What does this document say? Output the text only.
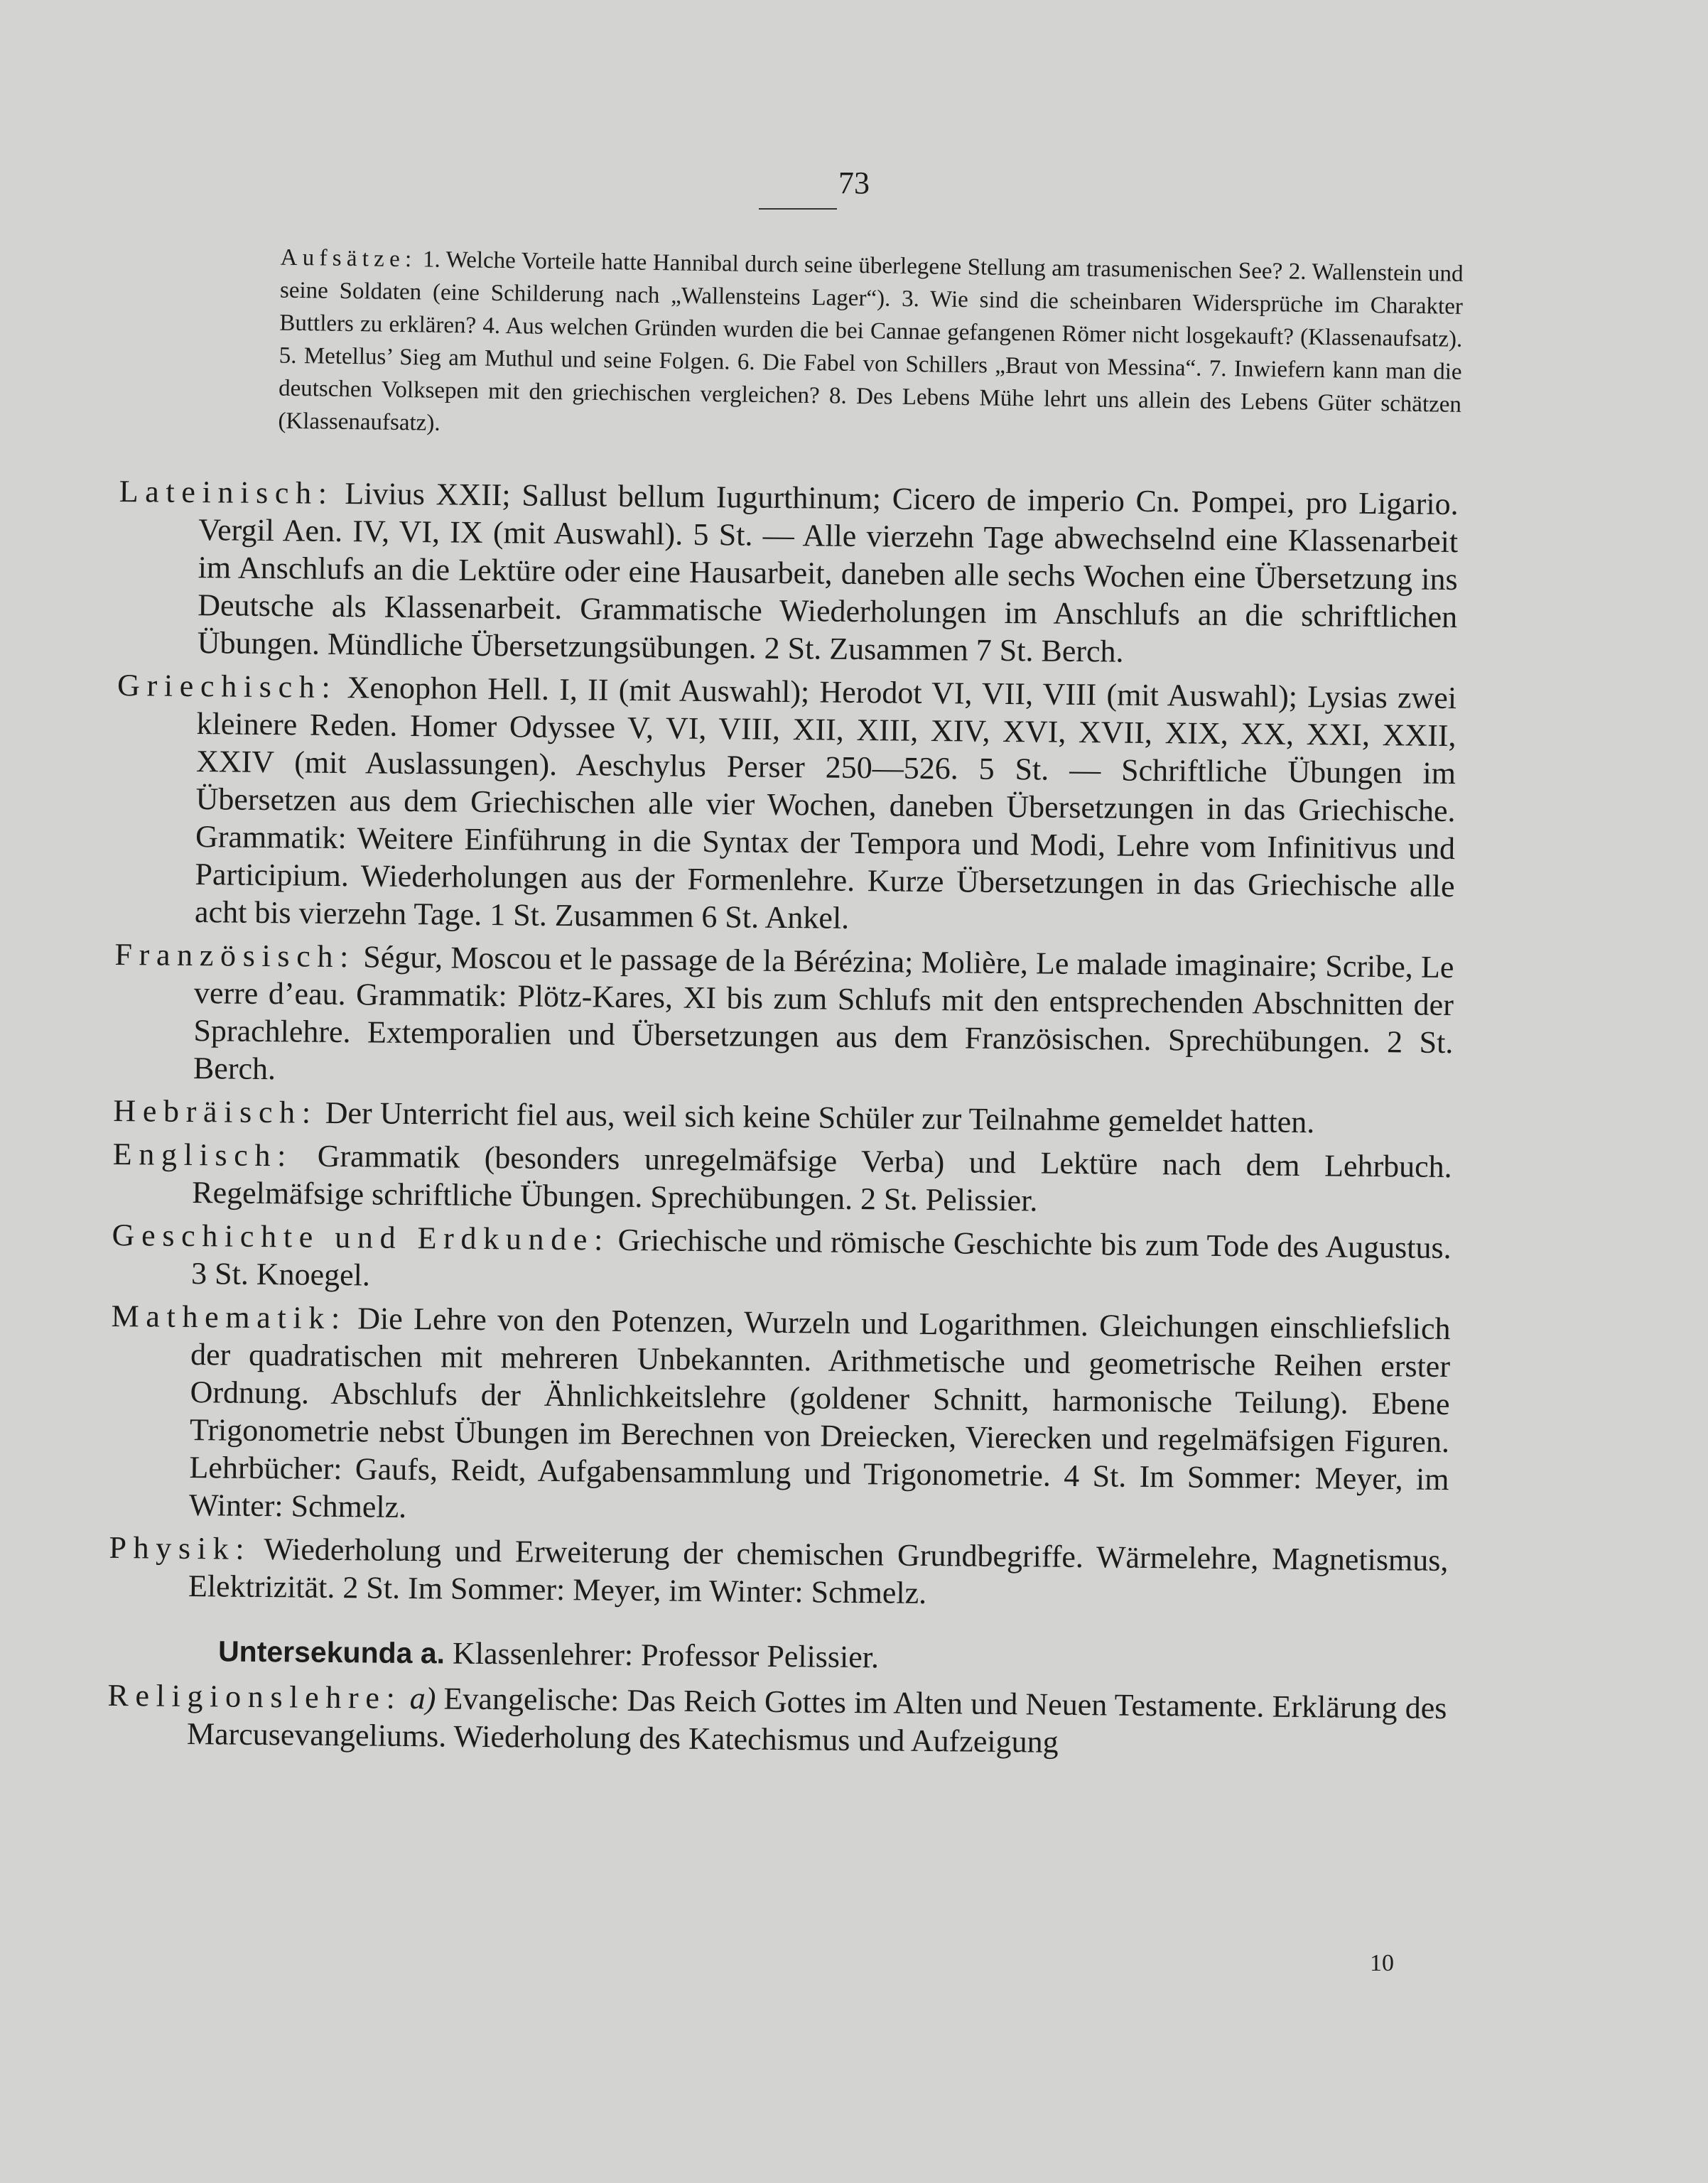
73
Aufsätze: 1. Welche Vorteile hatte Hannibal durch seine überlegene Stellung am trasumenischen See? 2. Wallenstein und seine Soldaten (eine Schilderung nach „Wallensteins Lager“). 3. Wie sind die scheinbaren Widersprüche im Charakter Buttlers zu erklären? 4. Aus welchen Gründen wurden die bei Cannae gefangenen Römer nicht losgekauft? (Klassenaufsatz). 5. Metellus’ Sieg am Muthul und seine Folgen. 6. Die Fabel von Schillers „Braut von Messina“. 7. Inwiefern kann man die deutschen Volksepen mit den griechischen vergleichen? 8. Des Lebens Mühe lehrt uns allein des Lebens Güter schätzen (Klassenaufsatz).
Lateinisch: Livius XXII; Sallust bellum Iugurthinum; Cicero de imperio Cn. Pompei, pro Ligario. Vergil Aen. IV, VI, IX (mit Auswahl). 5 St. — Alle vierzehn Tage abwechselnd eine Klassenarbeit im Anschlufs an die Lektüre oder eine Hausarbeit, daneben alle sechs Wochen eine Übersetzung ins Deutsche als Klassenarbeit. Grammatische Wiederholungen im Anschlufs an die schriftlichen Übungen. Mündliche Übersetzungsübungen. 2 St. Zusammen 7 St. Berch.
Griechisch: Xenophon Hell. I, II (mit Auswahl); Herodot VI, VII, VIII (mit Auswahl); Lysias zwei kleinere Reden. Homer Odyssee V, VI, VIII, XII, XIII, XIV, XVI, XVII, XIX, XX, XXI, XXII, XXIV (mit Auslassungen). Aeschylus Perser 250—526. 5 St. — Schriftliche Übungen im Übersetzen aus dem Griechischen alle vier Wochen, daneben Übersetzungen in das Griechische. Grammatik: Weitere Einführung in die Syntax der Tempora und Modi, Lehre vom Infinitivus und Participium. Wiederholungen aus der Formenlehre. Kurze Übersetzungen in das Griechische alle acht bis vierzehn Tage. 1 St. Zusammen 6 St. Ankel.
Französisch: Ségur, Moscou et le passage de la Bérézina; Molière, Le malade imaginaire; Scribe, Le verre d’eau. Grammatik: Plötz-Kares, XI bis zum Schlufs mit den entsprechenden Abschnitten der Sprachlehre. Extemporalien und Übersetzungen aus dem Französischen. Sprechübungen. 2 St. Berch.
Hebräisch: Der Unterricht fiel aus, weil sich keine Schüler zur Teilnahme gemeldet hatten.
Englisch: Grammatik (besonders unregelmäfsige Verba) und Lektüre nach dem Lehrbuch. Regelmäfsige schriftliche Übungen. Sprechübungen. 2 St. Pelissier.
Geschichte und Erdkunde: Griechische und römische Geschichte bis zum Tode des Augustus. 3 St. Knoegel.
Mathematik: Die Lehre von den Potenzen, Wurzeln und Logarithmen. Gleichungen einschliefslich der quadratischen mit mehreren Unbekannten. Arithmetische und geometrische Reihen erster Ordnung. Abschlufs der Ähnlichkeitslehre (goldener Schnitt, harmonische Teilung). Ebene Trigonometrie nebst Übungen im Berechnen von Dreiecken, Vierecken und regelmäfsigen Figuren. Lehrbücher: Gaufs, Reidt, Aufgabensammlung und Trigonometrie. 4 St. Im Sommer: Meyer, im Winter: Schmelz.
Physik: Wiederholung und Erweiterung der chemischen Grundbegriffe. Wärmelehre, Magnetismus, Elektrizität. 2 St. Im Sommer: Meyer, im Winter: Schmelz.
Untersekunda a. Klassenlehrer: Professor Pelissier.
Religionslehre: a) Evangelische: Das Reich Gottes im Alten und Neuen Testamente. Erklärung des Marcusevangeliums. Wiederholung des Katechismus und Aufzeigung
10
